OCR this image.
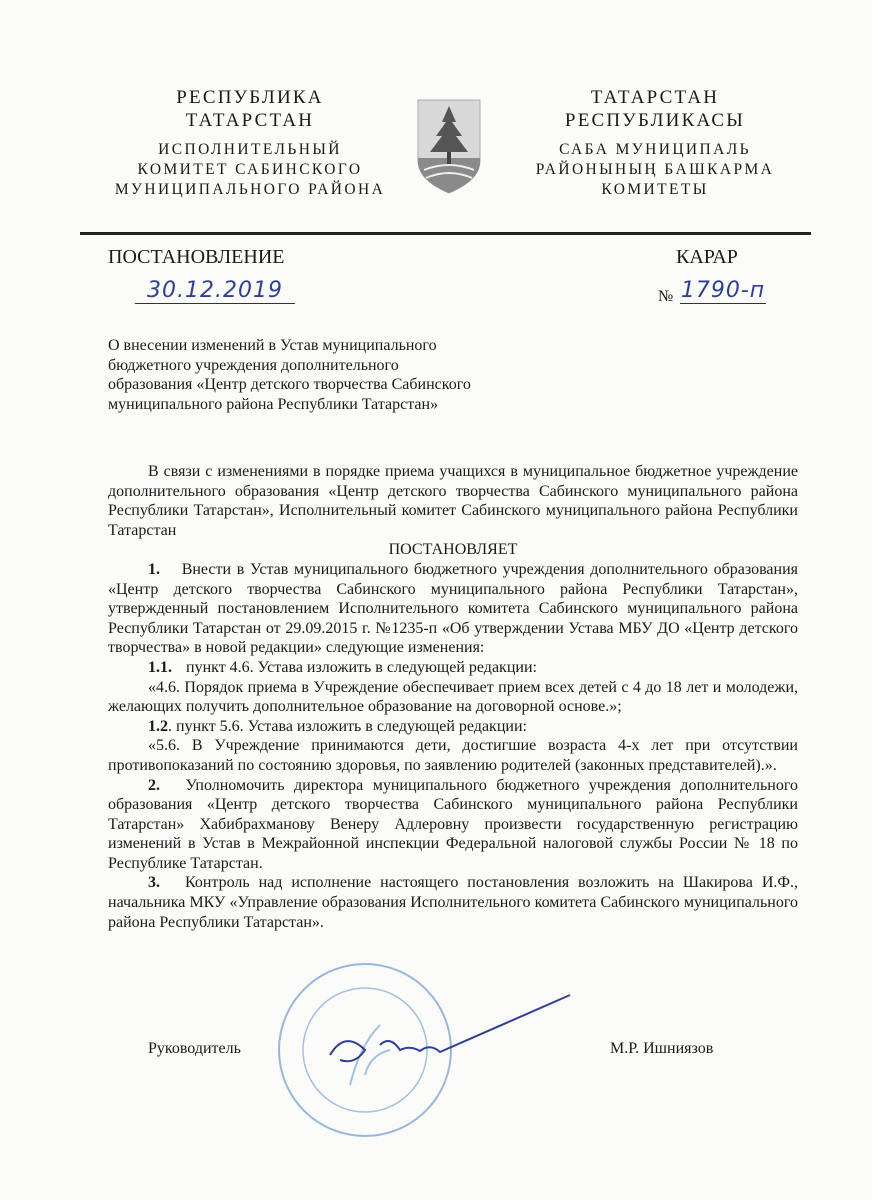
РЕСПУБЛИКА
ТАТАРСТАН
ИСПОЛНИТЕЛЬНЫЙ
КОМИТЕТ САБИНСКОГО
МУНИЦИПАЛЬНОГО РАЙОНА
ТАТАРСТАН
РЕСПУБЛИКАСЫ
САБА МУНИЦИПАЛЬ
РАЙОНЫНЫҢ БАШКАРМА
КОМИТЕТЫ
ПОСТАНОВЛЕНИЕ	КАРАР
30.12.2019	№ 1790-п
О внесении изменений в Устав муниципального
бюджетного учреждения дополнительного
образования «Центр детского творчества Сабинского
муниципального района Республики Татарстан»

В связи с изменениями в порядке приема учащихся в муниципальное бюджетное учреждение дополнительного образования «Центр детского творчества Сабинского муниципального района Республики Татарстан», Исполнительный комитет Сабинского муниципального района Республики Татарстан

ПОСТАНОВЛЯЕТ

1. Внести в Устав муниципального бюджетного учреждения дополнительного образования «Центр детского творчества Сабинского муниципального района Республики Татарстан», утвержденный постановлением Исполнительного комитета Сабинского муниципального района Республики Татарстан от 29.09.2015 г. №1235-п «Об утверждении Устава МБУ ДО «Центр детского творчества» в новой редакции» следующие изменения:

1.1. пункт 4.6. Устава изложить в следующей редакции:

«4.6. Порядок приема в Учреждение обеспечивает прием всех детей с 4 до 18 лет и молодежи, желающих получить дополнительное образование на договорной основе.»;

1.2. пункт 5.6. Устава изложить в следующей редакции:

«5.6. В Учреждение принимаются дети, достигшие возраста 4-х лет при отсутствии противопоказаний по состоянию здоровья, по заявлению родителей (законных представителей).».

2. Уполномочить директора муниципального бюджетного учреждения дополнительного образования «Центр детского творчества Сабинского муниципального района Республики Татарстан» Хабибрахманову Венеру Адлеровну произвести государственную регистрацию изменений в Устав в Межрайонной инспекции Федеральной налоговой службы России № 18 по Республике Татарстан.

3. Контроль над исполнение настоящего постановления возложить на Шакирова И.Ф., начальника МКУ «Управление образования Исполнительного комитета Сабинского муниципального района Республики Татарстан».

Руководитель	М.Р. Ишниязов
